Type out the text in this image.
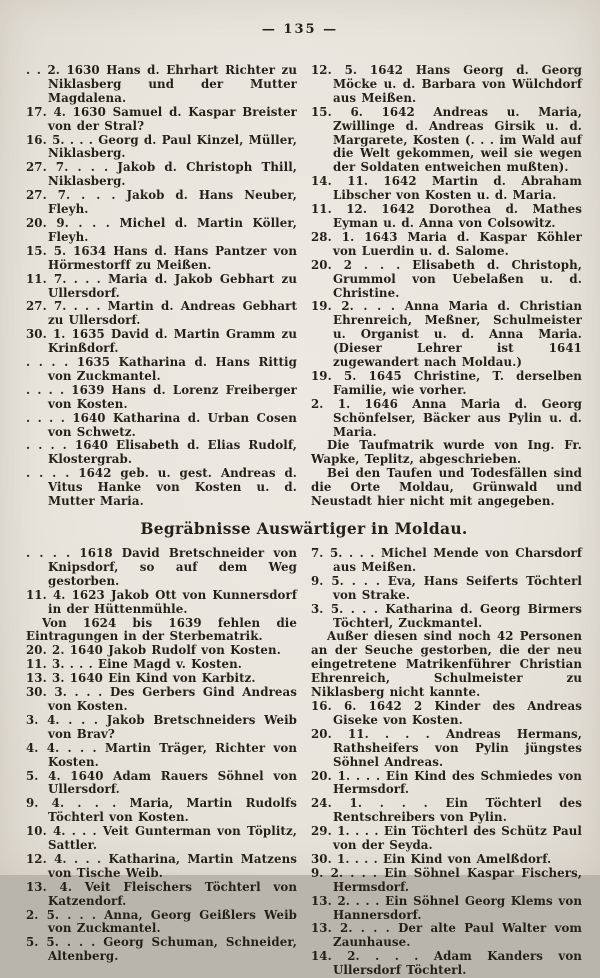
— 135 —
. . 2. 1630 Hans d. Ehrhart Richter zu Niklasberg und der Mutter Magdalena.
17. 4. 1630 Samuel d. Kaspar Breister von der Stral?
16. 5. . . . Georg d. Paul Kinzel, Müller, Niklasberg.
27. 7. . . . Jakob d. Christoph Thill, Niklasberg.
27. 7. . . . Jakob d. Hans Neuber, Fleyh.
20. 9. . . . Michel d. Martin Köller, Fleyh.
15. 5. 1634 Hans d. Hans Pantzer von Hörmestorff zu Meißen.
11. 7. . . . Maria d. Jakob Gebhart zu Ullersdorf.
27. 7. . . . Martin d. Andreas Gebhart zu Ullersdorf.
30. 1. 1635 David d. Martin Gramm zu Krinßdorf.
. . . . 1635 Katharina d. Hans Rittig von Zuckmantel.
. . . . 1639 Hans d. Lorenz Freiberger von Kosten.
. . . . 1640 Katharina d. Urban Cosen von Schwetz.
. . . . 1640 Elisabeth d. Elias Rudolf, Klostergrab.
. . . . 1642 geb. u. gest. Andreas d. Vitus Hanke von Kosten u. d. Mutter Maria.
12. 5. 1642 Hans Georg d. Georg Möcke u. d. Barbara von Wülchdorf aus Meißen.
15. 6. 1642 Andreas u. Maria, Zwillinge d. Andreas Girsik u. d. Margarete, Kosten (. . . im Wald auf die Welt gekommen, weil sie wegen der Soldaten entweichen mußten).
14. 11. 1642 Martin d. Abraham Libscher von Kosten u. d. Maria.
11. 12. 1642 Dorothea d. Mathes Eyman u. d. Anna von Colsowitz.
28. 1. 1643 Maria d. Kaspar Köhler von Luerdin u. d. Salome.
20. 2 . . . Elisabeth d. Christoph, Grummol von Uebelaßen u. d. Christine.
19. 2. . . . Anna Maria d. Christian Ehrenreich, Meßner, Schulmeister u. Organist u. d. Anna Maria. (Dieser Lehrer ist 1641 zugewandert nach Moldau.)
19. 5. 1645 Christine, T. derselben Familie, wie vorher.
2. 1. 1646 Anna Maria d. Georg Schönfelser, Bäcker aus Pylin u. d. Maria.
Die Taufmatrik wurde von Ing. Fr. Wapke, Teplitz, abgeschrieben.
Bei den Taufen und Todesfällen sind die Orte Moldau, Grünwald und Neustadt hier nicht mit angegeben.
Begräbnisse Auswärtiger in Moldau.
. . . . 1618 David Bretschneider von Knipsdorf, so auf dem Weg gestorben.
11. 4. 1623 Jakob Ott von Kunnersdorf in der Hüttenmühle.
Von 1624 bis 1639 fehlen die Eintragungen in der Sterbematrik.
20. 2. 1640 Jakob Rudolf von Kosten.
11. 3. . . . Eine Magd v. Kosten.
13. 3. 1640 Ein Kind von Karbitz.
30. 3. . . . Des Gerbers Gind Andreas von Kosten.
3. 4. . . . Jakob Bretschneiders Weib von Brav?
4. 4. . . . Martin Träger, Richter von Kosten.
5. 4. 1640 Adam Rauers Söhnel von Ullersdorf.
9. 4. . . . Maria, Martin Rudolfs Töchterl von Kosten.
10. 4. . . . Veit Gunterman von Töplitz, Sattler.
12. 4. . . . Katharina, Martin Matzens von Tische Weib.
13. 4. Veit Fleischers Töchterl von Katzendorf.
2. 5. . . . Anna, Georg Geißlers Weib von Zuckmantel.
5. 5. . . . Georg Schuman, Schneider, Altenberg.
7. 5. . . . Michel Mende von Charsdorf aus Meißen.
9. 5. . . . Eva, Hans Seiferts Töchterl von Strake.
3. 5. . . . Katharina d. Georg Birmers Töchterl, Zuckmantel.
Außer diesen sind noch 42 Personen an der Seuche gestorben, die der neu eingetretene Matrikenführer Christian Ehrenreich, Schulmeister zu Niklasberg nicht kannte.
16. 6. 1642 2 Kinder des Andreas Giseke von Kosten.
20. 11. . . . Andreas Hermans, Rathsheifers von Pylin jüngstes Söhnel Andreas.
20. 1. . . . Ein Kind des Schmiedes von Hermsdorf.
24. 1. . . . Ein Töchterl des Rentschreibers von Pylin.
29. 1. . . . Ein Töchterl des Schütz Paul von der Seyda.
30. 1. . . . Ein Kind von Amelßdorf.
9. 2. . . . Ein Söhnel Kaspar Fischers, Hermsdorf.
13. 2. . . . Ein Söhnel Georg Klems von Hannersdorf.
13. 2. . . . Der alte Paul Walter vom Zaunhause.
14. 2. . . . Adam Kanders von Ullersdorf Töchterl.
